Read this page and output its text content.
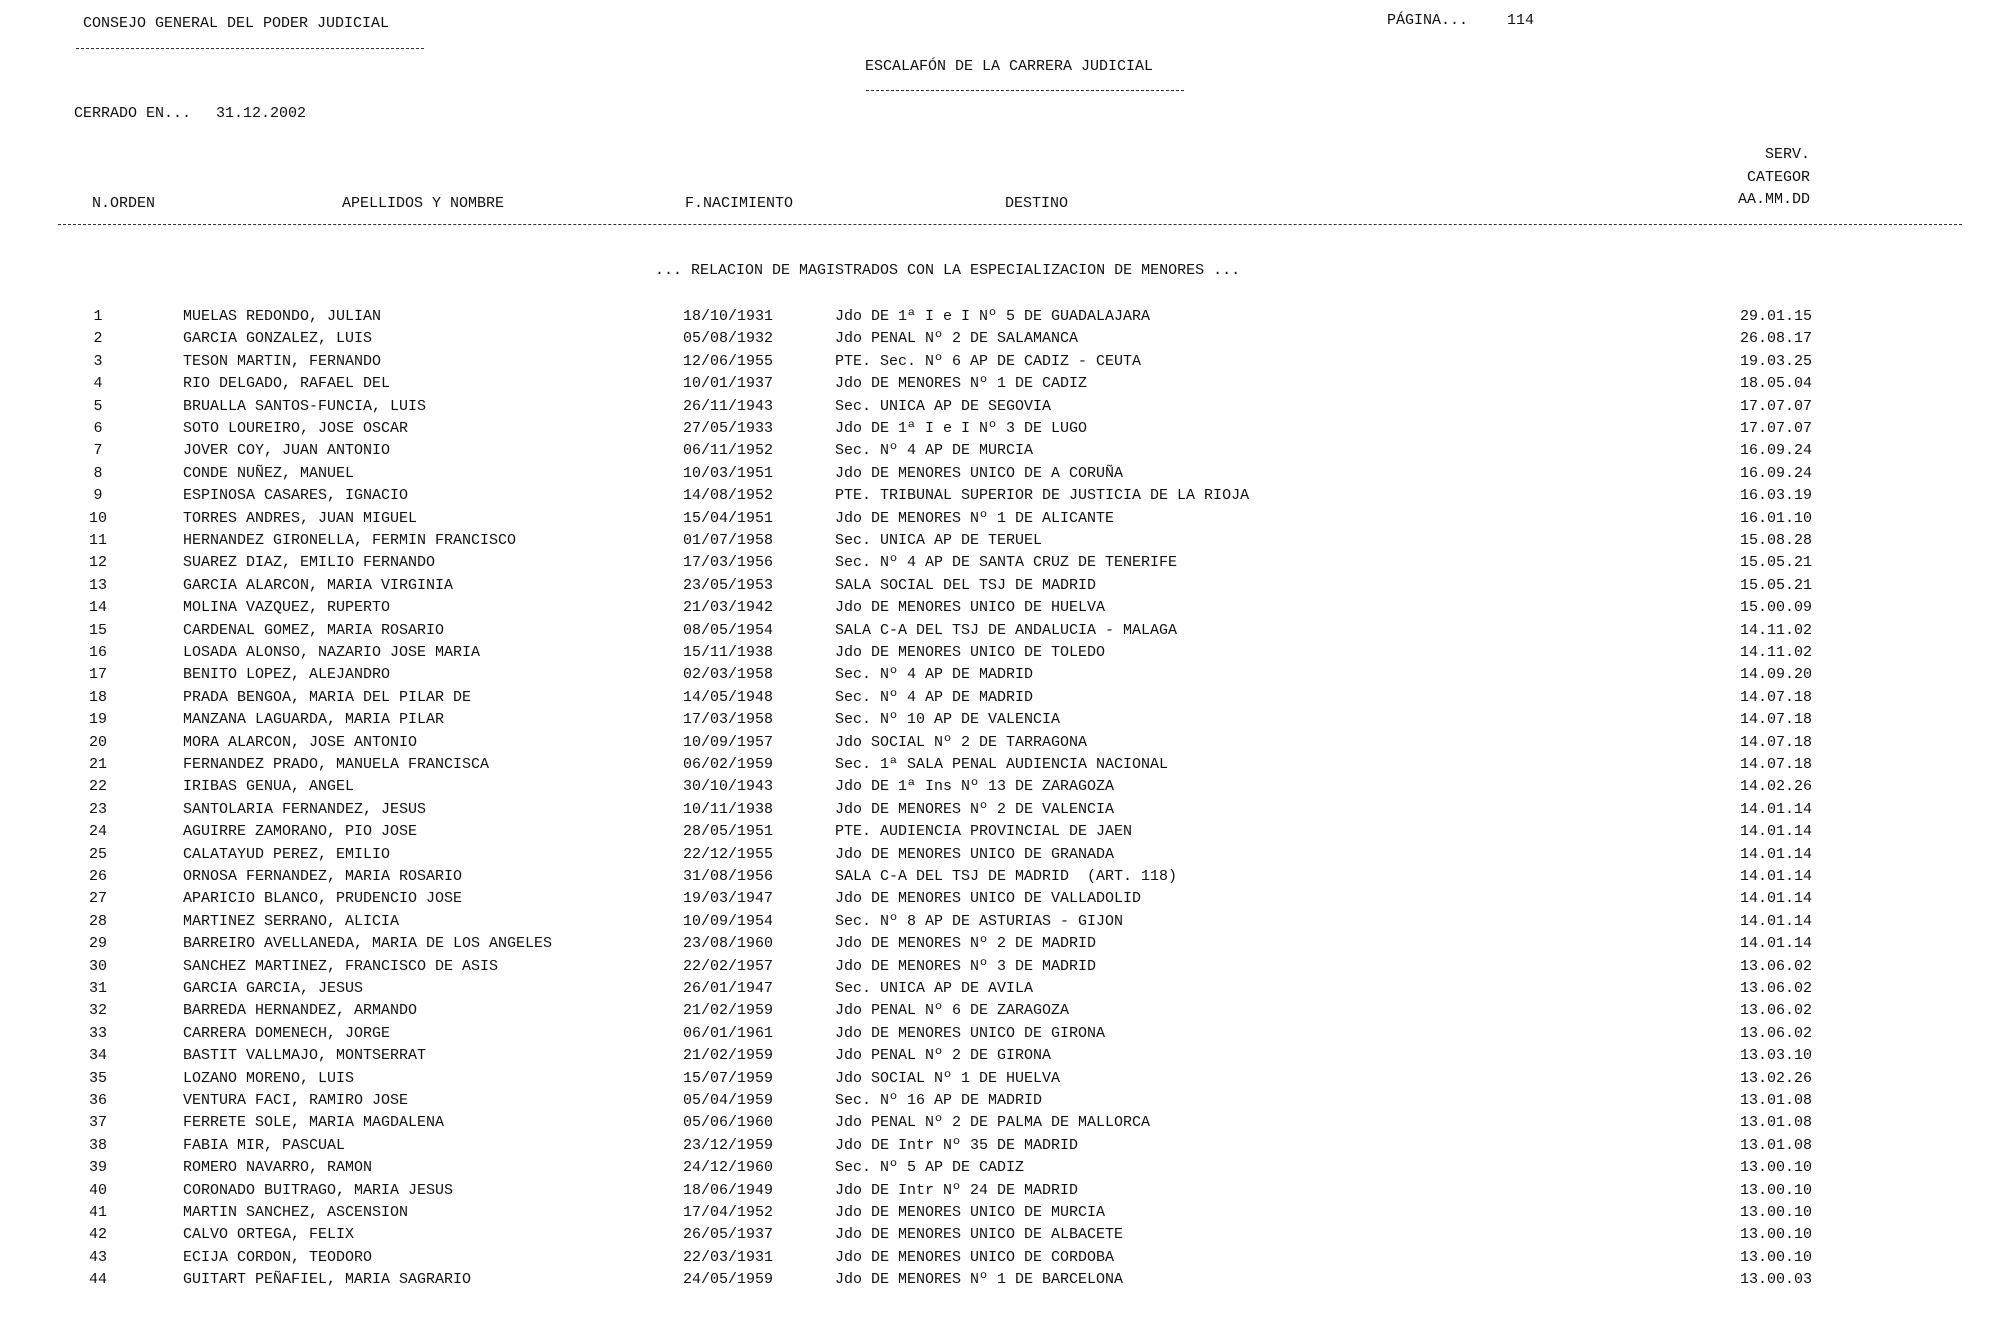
CONSEJO GENERAL DEL PODER JUDICIAL	PÁGINA...	114
ESCALAFÓN DE LA CARRERA JUDICIAL
CERRADO EN... 31.12.2002
SERV.
CATEGOR
AA.MM.DD
N.ORDEN	APELLIDOS Y NOMBRE	F.NACIMIENTO	DESTINO
... RELACION DE MAGISTRADOS CON LA ESPECIALIZACION DE MENORES ...
1	MUELAS REDONDO, JULIAN	18/10/1931	Jdo DE 1ª I e I Nº 5 DE GUADALAJARA	29.01.15
2	GARCIA GONZALEZ, LUIS	05/08/1932	Jdo PENAL Nº 2 DE SALAMANCA	26.08.17
3	TESON MARTIN, FERNANDO	12/06/1955	PTE. Sec. Nº 6 AP DE CADIZ - CEUTA	19.03.25
4	RIO DELGADO, RAFAEL DEL	10/01/1937	Jdo DE MENORES Nº 1 DE CADIZ	18.05.04
5	BRUALLA SANTOS-FUNCIA, LUIS	26/11/1943	Sec. UNICA AP DE SEGOVIA	17.07.07
6	SOTO LOUREIRO, JOSE OSCAR	27/05/1933	Jdo DE 1ª I e I Nº 3 DE LUGO	17.07.07
7	JOVER COY, JUAN ANTONIO	06/11/1952	Sec. Nº 4 AP DE MURCIA	16.09.24
8	CONDE NUÑEZ, MANUEL	10/03/1951	Jdo DE MENORES UNICO DE A CORUÑA	16.09.24
9	ESPINOSA CASARES, IGNACIO	14/08/1952	PTE. TRIBUNAL SUPERIOR DE JUSTICIA DE LA RIOJA	16.03.19
10	TORRES ANDRES, JUAN MIGUEL	15/04/1951	Jdo DE MENORES Nº 1 DE ALICANTE	16.01.10
11	HERNANDEZ GIRONELLA, FERMIN FRANCISCO	01/07/1958	Sec. UNICA AP DE TERUEL	15.08.28
12	SUAREZ DIAZ, EMILIO FERNANDO	17/03/1956	Sec. Nº 4 AP DE SANTA CRUZ DE TENERIFE	15.05.21
13	GARCIA ALARCON, MARIA VIRGINIA	23/05/1953	SALA SOCIAL DEL TSJ DE MADRID	15.05.21
14	MOLINA VAZQUEZ, RUPERTO	21/03/1942	Jdo DE MENORES UNICO DE HUELVA	15.00.09
15	CARDENAL GOMEZ, MARIA ROSARIO	08/05/1954	SALA C-A DEL TSJ DE ANDALUCIA - MALAGA	14.11.02
16	LOSADA ALONSO, NAZARIO JOSE MARIA	15/11/1938	Jdo DE MENORES UNICO DE TOLEDO	14.11.02
17	BENITO LOPEZ, ALEJANDRO	02/03/1958	Sec. Nº 4 AP DE MADRID	14.09.20
18	PRADA BENGOA, MARIA DEL PILAR DE	14/05/1948	Sec. Nº 4 AP DE MADRID	14.07.18
19	MANZANA LAGUARDA, MARIA PILAR	17/03/1958	Sec. Nº 10 AP DE VALENCIA	14.07.18
20	MORA ALARCON, JOSE ANTONIO	10/09/1957	Jdo SOCIAL Nº 2 DE TARRAGONA	14.07.18
21	FERNANDEZ PRADO, MANUELA FRANCISCA	06/02/1959	Sec. 1ª SALA PENAL AUDIENCIA NACIONAL	14.07.18
22	IRIBAS GENUA, ANGEL	30/10/1943	Jdo DE 1ª Ins Nº 13 DE ZARAGOZA	14.02.26
23	SANTOLARIA FERNANDEZ, JESUS	10/11/1938	Jdo DE MENORES Nº 2 DE VALENCIA	14.01.14
24	AGUIRRE ZAMORANO, PIO JOSE	28/05/1951	PTE. AUDIENCIA PROVINCIAL DE JAEN	14.01.14
25	CALATAYUD PEREZ, EMILIO	22/12/1955	Jdo DE MENORES UNICO DE GRANADA	14.01.14
26	ORNOSA FERNANDEZ, MARIA ROSARIO	31/08/1956	SALA C-A DEL TSJ DE MADRID  (ART. 118)	14.01.14
27	APARICIO BLANCO, PRUDENCIO JOSE	19/03/1947	Jdo DE MENORES UNICO DE VALLADOLID	14.01.14
28	MARTINEZ SERRANO, ALICIA	10/09/1954	Sec. Nº 8 AP DE ASTURIAS - GIJON	14.01.14
29	BARREIRO AVELLANEDA, MARIA DE LOS ANGELES	23/08/1960	Jdo DE MENORES Nº 2 DE MADRID	14.01.14
30	SANCHEZ MARTINEZ, FRANCISCO DE ASIS	22/02/1957	Jdo DE MENORES Nº 3 DE MADRID	13.06.02
31	GARCIA GARCIA, JESUS	26/01/1947	Sec. UNICA AP DE AVILA	13.06.02
32	BARREDA HERNANDEZ, ARMANDO	21/02/1959	Jdo PENAL Nº 6 DE ZARAGOZA	13.06.02
33	CARRERA DOMENECH, JORGE	06/01/1961	Jdo DE MENORES UNICO DE GIRONA	13.06.02
34	BASTIT VALLMAJO, MONTSERRAT	21/02/1959	Jdo PENAL Nº 2 DE GIRONA	13.03.10
35	LOZANO MORENO, LUIS	15/07/1959	Jdo SOCIAL Nº 1 DE HUELVA	13.02.26
36	VENTURA FACI, RAMIRO JOSE	05/04/1959	Sec. Nº 16 AP DE MADRID	13.01.08
37	FERRETE SOLE, MARIA MAGDALENA	05/06/1960	Jdo PENAL Nº 2 DE PALMA DE MALLORCA	13.01.08
38	FABIA MIR, PASCUAL	23/12/1959	Jdo DE Intr Nº 35 DE MADRID	13.01.08
39	ROMERO NAVARRO, RAMON	24/12/1960	Sec. Nº 5 AP DE CADIZ	13.00.10
40	CORONADO BUITRAGO, MARIA JESUS	18/06/1949	Jdo DE Intr Nº 24 DE MADRID	13.00.10
41	MARTIN SANCHEZ, ASCENSION	17/04/1952	Jdo DE MENORES UNICO DE MURCIA	13.00.10
42	CALVO ORTEGA, FELIX	26/05/1937	Jdo DE MENORES UNICO DE ALBACETE	13.00.10
43	ECIJA CORDON, TEODORO	22/03/1931	Jdo DE MENORES UNICO DE CORDOBA	13.00.10
44	GUITART PEÑAFIEL, MARIA SAGRARIO	24/05/1959	Jdo DE MENORES Nº 1 DE BARCELONA	13.00.03
